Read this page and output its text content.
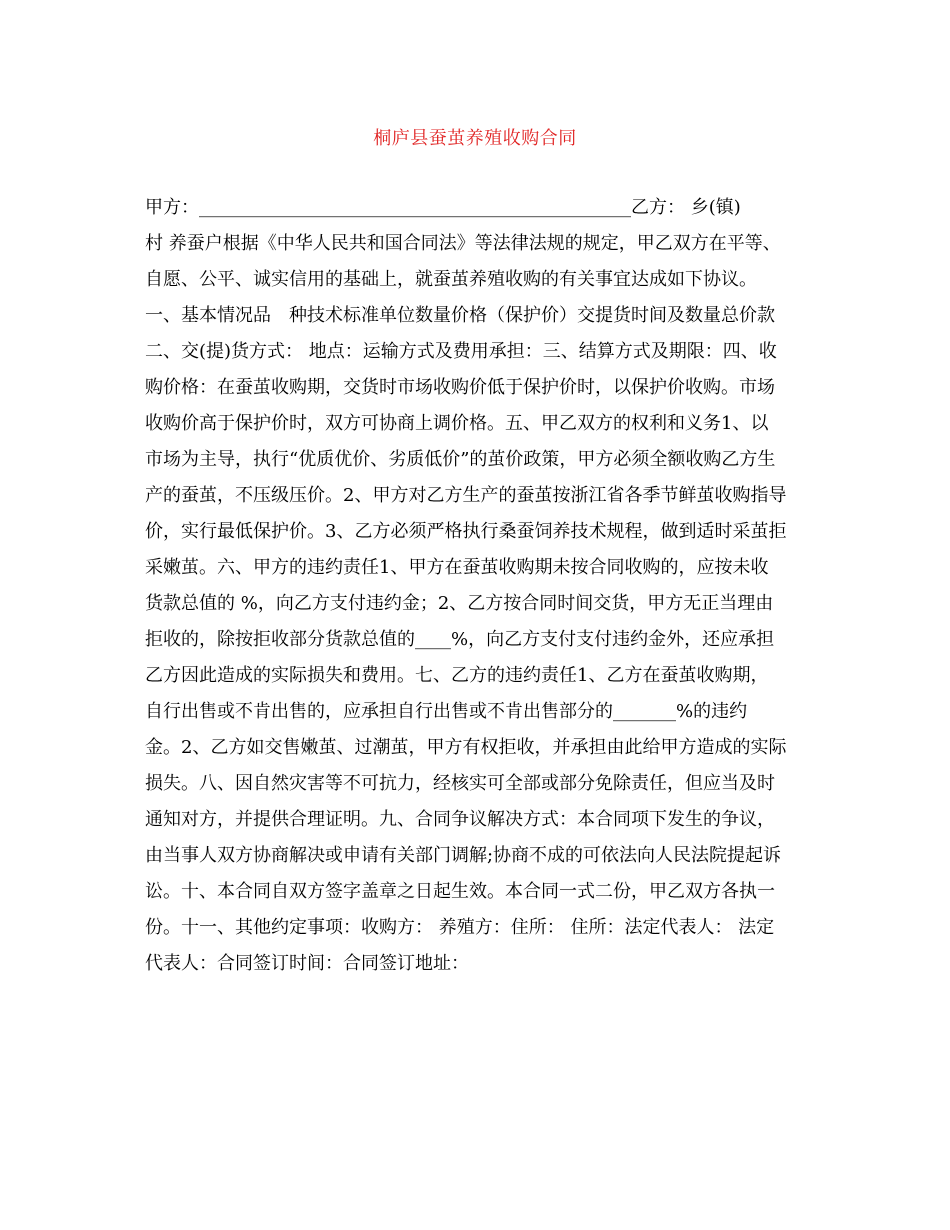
桐庐县蚕茧养殖收购合同
甲方：________________________________________________乙方： 乡(镇)
村 养蚕户根据《中华人民共和国合同法》等法律法规的规定，甲乙双方在平等、
自愿、公平、诚实信用的基础上，就蚕茧养殖收购的有关事宜达成如下协议。
一、基本情况品　种技术标准单位数量价格（保护价）交提货时间及数量总价款
二、交(提)货方式： 地点：运输方式及费用承担：三、结算方式及期限：四、收
购价格：在蚕茧收购期，交货时市场收购价低于保护价时，以保护价收购。市场
收购价高于保护价时，双方可协商上调价格。五、甲乙双方的权利和义务1、以
市场为主导，执行“优质优价、劣质低价”的茧价政策，甲方必须全额收购乙方生
产的蚕茧，不压级压价。2、甲方对乙方生产的蚕茧按浙江省各季节鲜茧收购指导
价，实行最低保护价。3、乙方必须严格执行桑蚕饲养技术规程，做到适时采茧拒
采嫩茧。六、甲方的违约责任1、甲方在蚕茧收购期未按合同收购的，应按未收
货款总值的 %，向乙方支付违约金；2、乙方按合同时间交货，甲方无正当理由
拒收的，除按拒收部分货款总值的____%，向乙方支付支付违约金外，还应承担
乙方因此造成的实际损失和费用。七、乙方的违约责任1、乙方在蚕茧收购期，
自行出售或不肯出售的，应承担自行出售或不肯出售部分的_______%的违约
金。2、乙方如交售嫩茧、过潮茧，甲方有权拒收，并承担由此给甲方造成的实际
损失。八、因自然灾害等不可抗力，经核实可全部或部分免除责任，但应当及时
通知对方，并提供合理证明。九、合同争议解决方式：本合同项下发生的争议，
由当事人双方协商解决或申请有关部门调解;协商不成的可依法向人民法院提起诉
讼。十、本合同自双方签字盖章之日起生效。本合同一式二份，甲乙双方各执一
份。十一、其他约定事项：收购方： 养殖方：住所： 住所：法定代表人： 法定
代表人：合同签订时间：合同签订地址：
